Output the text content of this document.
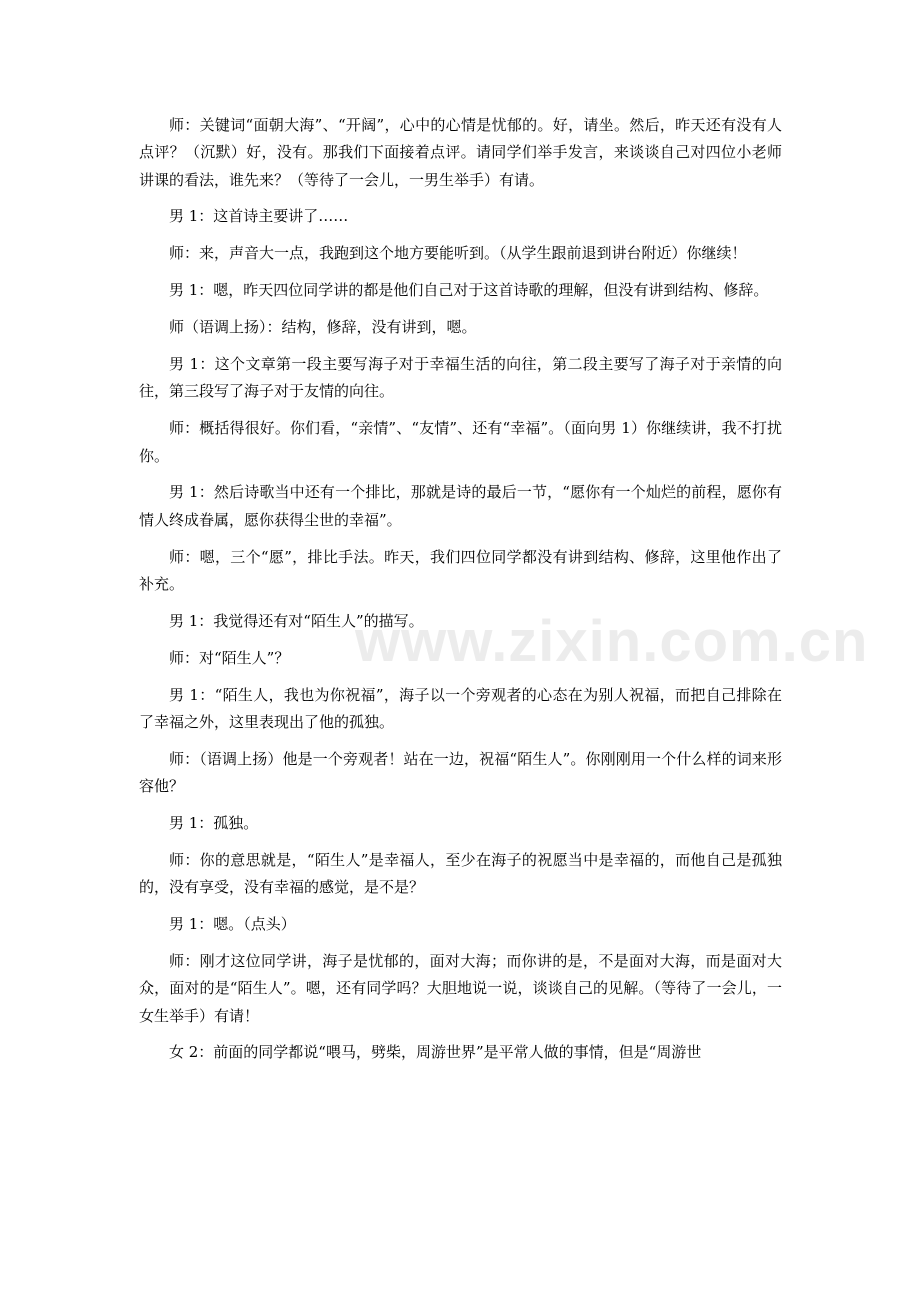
师：关键词“面朝大海”、“开阔”，心中的心情是忧郁的。好，请坐。然后，昨天还有没有人点评？（沉默）好，没有。那我们下面接着点评。请同学们举手发言，来谈谈自己对四位小老师讲课的看法，谁先来？（等待了一会儿，一男生举手）有请。

男 1：这首诗主要讲了……

师：来，声音大一点，我跑到这个地方要能听到。（从学生跟前退到讲台附近）你继续！

男 1：嗯，昨天四位同学讲的都是他们自己对于这首诗歌的理解，但没有讲到结构、修辞。

师（语调上扬）：结构，修辞，没有讲到，嗯。

男 1：这个文章第一段主要写海子对于幸福生活的向往，第二段主要写了海子对于亲情的向往，第三段写了海子对于友情的向往。

师：概括得很好。你们看，“亲情”、“友情”、还有“幸福”。（面向男 1）你继续讲，我不打扰你。

男 1：然后诗歌当中还有一个排比，那就是诗的最后一节，“愿你有一个灿烂的前程，愿你有情人终成眷属，愿你获得尘世的幸福”。

师：嗯，三个“愿”，排比手法。昨天，我们四位同学都没有讲到结构、修辞，这里他作出了补充。

男 1：我觉得还有对“陌生人”的描写。

师：对“陌生人”？

男 1：“陌生人，我也为你祝福”，海子以一个旁观者的心态在为别人祝福，而把自己排除在了幸福之外，这里表现出了他的孤独。

师：（语调上扬）他是一个旁观者！站在一边，祝福“陌生人”。你刚刚用一个什么样的词来形容他？

男 1：孤独。

师：你的意思就是，“陌生人”是幸福人，至少在海子的祝愿当中是幸福的，而他自己是孤独的，没有享受，没有幸福的感觉，是不是？

男 1：嗯。（点头）

师：刚才这位同学讲，海子是忧郁的，面对大海；而你讲的是，不是面对大海，而是面对大众，面对的是“陌生人”。嗯，还有同学吗？大胆地说一说，谈谈自己的见解。（等待了一会儿，一女生举手）有请！

女 2：前面的同学都说“喂马，劈柴，周游世界”是平常人做的事情，但是“周游世

www.zixin.com.cn
